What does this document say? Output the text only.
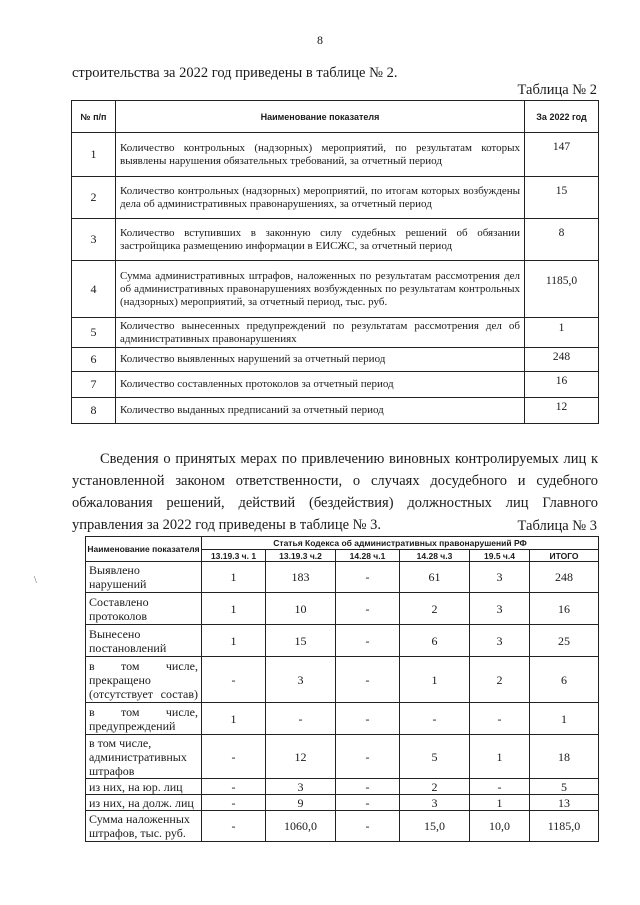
8
строительства за 2022 год приведены в таблице № 2.
Таблица № 2
№ п/п	Наименование показателя	За 2022 год
1	Количество контрольных (надзорных) мероприятий, по результатам которых выявлены нарушения обязательных требований, за отчетный период	147
2	Количество контрольных (надзорных) мероприятий, по итогам которых возбуждены дела об административных правонарушениях, за отчетный период	15
3	Количество вступивших в законную силу судебных решений об обязании застройщика размещению информации в ЕИСЖС, за отчетный период	8
4	Сумма административных штрафов, наложенных по результатам рассмотрения дел об административных правонарушениях возбужденных по результатам контрольных (надзорных) мероприятий, за отчетный период, тыс. руб.	1185,0
5	Количество вынесенных предупреждений по результатам рассмотрения дел об административных правонарушениях	1
6	Количество выявленных нарушений за отчетный период	248
7	Количество составленных протоколов за отчетный период	16
8	Количество выданных предписаний за отчетный период	12

Сведения о принятых мерах по привлечению виновных контролируемых лиц к установленной законом ответственности, о случаях досудебного и судебного обжалования решений, действий (бездействия) должностных лиц Главного управления за 2022 год приведены в таблице № 3.	Таблица № 3
\
Наименование показателя	Статья Кодекса об административных правонарушений РФ					
	13.19.3 ч. 1	13.19.3 ч.2	14.28 ч.1	14.28 ч.3	19.5 ч.4	ИТОГО
Выявлено нарушений	1	183	-	61	3	248
Составлено протоколов	1	10	-	2	3	16
Вынесено постановлений	1	15	-	6	3	25
в том числе, прекращено (отсутствует состав)	-	3	-	1	2	6
в том числе, предупреждений	1	-	-	-	-	1
в том числе, административных штрафов	-	12	-	5	1	18
из них, на юр. лиц	-	3	-	2	-	5
из них, на долж. лиц	-	9	-	3	1	13
Сумма наложенных штрафов, тыс. руб.	-	1060,0	-	15,0	10,0	1185,0
